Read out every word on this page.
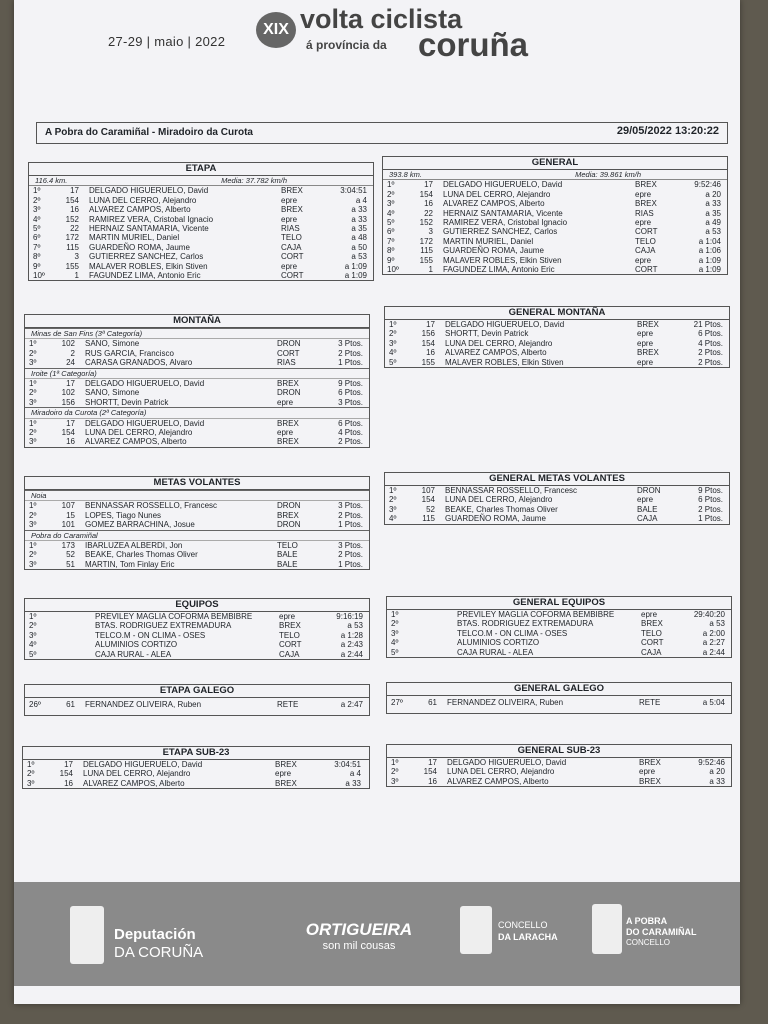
27-29 | maio | 2022
XIX volta ciclista
á província da coruña
A Pobra do Caramiñal - Miradoiro da Curota	29/05/2022 13:20:22
ETAPA
116.4 km.	Media: 37.782 km/h
1º	17 DELGADO HIGUERUELO, David	BREX	3:04:51
2º	154 LUNA DEL CERRO, Alejandro	epre	a 4
3º	16 ALVAREZ CAMPOS, Alberto	BREX	a 33
4º	152 RAMIREZ VERA, Cristobal Ignacio	epre	a 33
5º	22 HERNAIZ SANTAMARIA, Vicente	RIAS	a 35
6º	172 MARTIN MURIEL, Daniel	TELO	a 48
7º	115 GUARDEÑO ROMA, Jaume	CAJA	a 50
8º	3 GUTIERREZ SANCHEZ, Carlos	CORT	a 53
9º	155 MALAVER ROBLES, Elkin Stiven	epre	a 1:09
10º	1 FAGUNDEZ LIMA, Antonio Eric	CORT	a 1:09
GENERAL
393.8 km.	Media: 39.861 km/h
1º	17 DELGADO HIGUERUELO, David	BREX	9:52:46
2º	154 LUNA DEL CERRO, Alejandro	epre	a 20
3º	16 ALVAREZ CAMPOS, Alberto	BREX	a 33
4º	22 HERNAIZ SANTAMARIA, Vicente	RIAS	a 35
5º	152 RAMIREZ VERA, Cristobal Ignacio	epre	a 49
6º	3 GUTIERREZ SANCHEZ, Carlos	CORT	a 53
7º	172 MARTIN MURIEL, Daniel	TELO	a 1:04
8º	115 GUARDEÑO ROMA, Jaume	CAJA	a 1:06
9º	155 MALAVER ROBLES, Elkin Stiven	epre	a 1:09
10º	1 FAGUNDEZ LIMA, Antonio Eric	CORT	a 1:09
MONTAÑA
Minas de San Fins (3ª Categoría)
1º	102 SANO, Simone	DRON	3 Ptos.
2º	2 RUS GARCIA, Francisco	CORT	2 Ptos.
3º	24 CARASA GRANADOS, Alvaro	RIAS	1 Ptos.
Iroite (1ª Categoría)
1º	17 DELGADO HIGUERUELO, David	BREX	9 Ptos.
2º	102 SANO, Simone	DRON	6 Ptos.
3º	156 SHORTT, Devin Patrick	epre	3 Ptos.
Miradoiro da Curota (2ª Categoría)
1º	17 DELGADO HIGUERUELO, David	BREX	6 Ptos.
2º	154 LUNA DEL CERRO, Alejandro	epre	4 Ptos.
3º	16 ALVAREZ CAMPOS, Alberto	BREX	2 Ptos.
GENERAL MONTAÑA
1º	17 DELGADO HIGUERUELO, David	BREX	21 Ptos.
2º	156 SHORTT, Devin Patrick	epre	6 Ptos.
3º	154 LUNA DEL CERRO, Alejandro	epre	4 Ptos.
4º	16 ALVAREZ CAMPOS, Alberto	BREX	2 Ptos.
5º	155 MALAVER ROBLES, Elkin Stiven	epre	2 Ptos.
METAS VOLANTES
Noia
1º	107 BENNASSAR ROSSELLO, Francesc	DRON	3 Ptos.
2º	15 LOPES, Tiago Nunes	BREX	2 Ptos.
3º	101 GOMEZ BARRACHINA, Josue	DRON	1 Ptos.
Pobra do Caramiñal
1º	173 IBARLUZEA ALBERDI, Jon	TELO	3 Ptos.
2º	52 BEAKE, Charles Thomas Oliver	BALE	2 Ptos.
3º	51 MARTIN, Tom Finlay Eric	BALE	1 Ptos.
GENERAL METAS VOLANTES
1º	107 BENNASSAR ROSSELLO, Francesc	DRON	9 Ptos.
2º	154 LUNA DEL CERRO, Alejandro	epre	6 Ptos.
3º	52 BEAKE, Charles Thomas Oliver	BALE	2 Ptos.
4º	115 GUARDEÑO ROMA, Jaume	CAJA	1 Ptos.
EQUIPOS
1º	PREVILEY MAGLIA COFORMA BEMBIBRE	epre	9:16:19
2º	BTAS. RODRIGUEZ EXTREMADURA	BREX	a 53
3º	TELCO.M - ON CLIMA - OSES	TELO	a 1:28
4º	ALUMINIOS CORTIZO	CORT	a 2:43
5º	CAJA RURAL - ALEA	CAJA	a 2:44
GENERAL EQUIPOS
1º	PREVILEY MAGLIA COFORMA BEMBIBRE	epre	29:40:20
2º	BTAS. RODRIGUEZ EXTREMADURA	BREX	a 53
3º	TELCO.M - ON CLIMA - OSES	TELO	a 2:00
4º	ALUMINIOS CORTIZO	CORT	a 2:27
5º	CAJA RURAL - ALEA	CAJA	a 2:44
ETAPA GALEGO
26º	61 FERNANDEZ OLIVEIRA, Ruben	RETE	a 2:47
GENERAL GALEGO
27º	61 FERNANDEZ OLIVEIRA, Ruben	RETE	a 5:04
ETAPA SUB-23
1º	17 DELGADO HIGUERUELO, David	BREX	3:04:51
2º	154 LUNA DEL CERRO, Alejandro	epre	a 4
3º	16 ALVAREZ CAMPOS, Alberto	BREX	a 33
GENERAL SUB-23
1º	17 DELGADO HIGUERUELO, David	BREX	9:52:46
2º	154 LUNA DEL CERRO, Alejandro	epre	a 20
3º	16 ALVAREZ CAMPOS, Alberto	BREX	a 33
Deputación
DA CORUÑA
ORTIGUEIRA
son mil cousas
CONCELLO
DA LARACHA
A POBRA
DO CARAMIÑAL
CONCELLO
